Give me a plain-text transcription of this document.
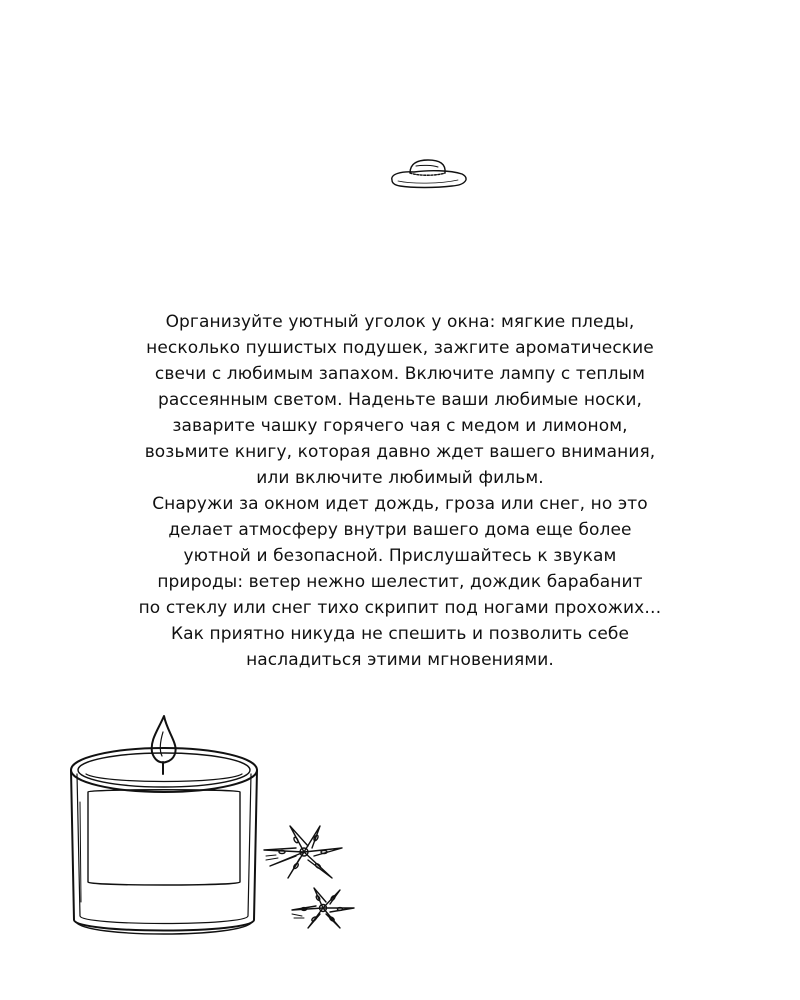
Организуйте уютный уголок у окна: мягкие пледы,
несколько пушистых подушек, зажгите ароматические
свечи с любимым запахом. Включите лампу с теплым
рассеянным светом. Наденьте ваши любимые носки,
заварите чашку горячего чая с медом и лимоном,
возьмите книгу, которая давно ждет вашего внимания,
или включите любимый фильм.

Снаружи за окном идет дождь, гроза или снег, но это
делает атмосферу внутри вашего дома еще более
уютной и безопасной. Прислушайтесь к звукам
природы: ветер нежно шелестит, дождик барабанит
по стеклу или снег тихо скрипит под ногами прохожих…
Как приятно никуда не спешить и позволить себе
насладиться этими мгновениями.
